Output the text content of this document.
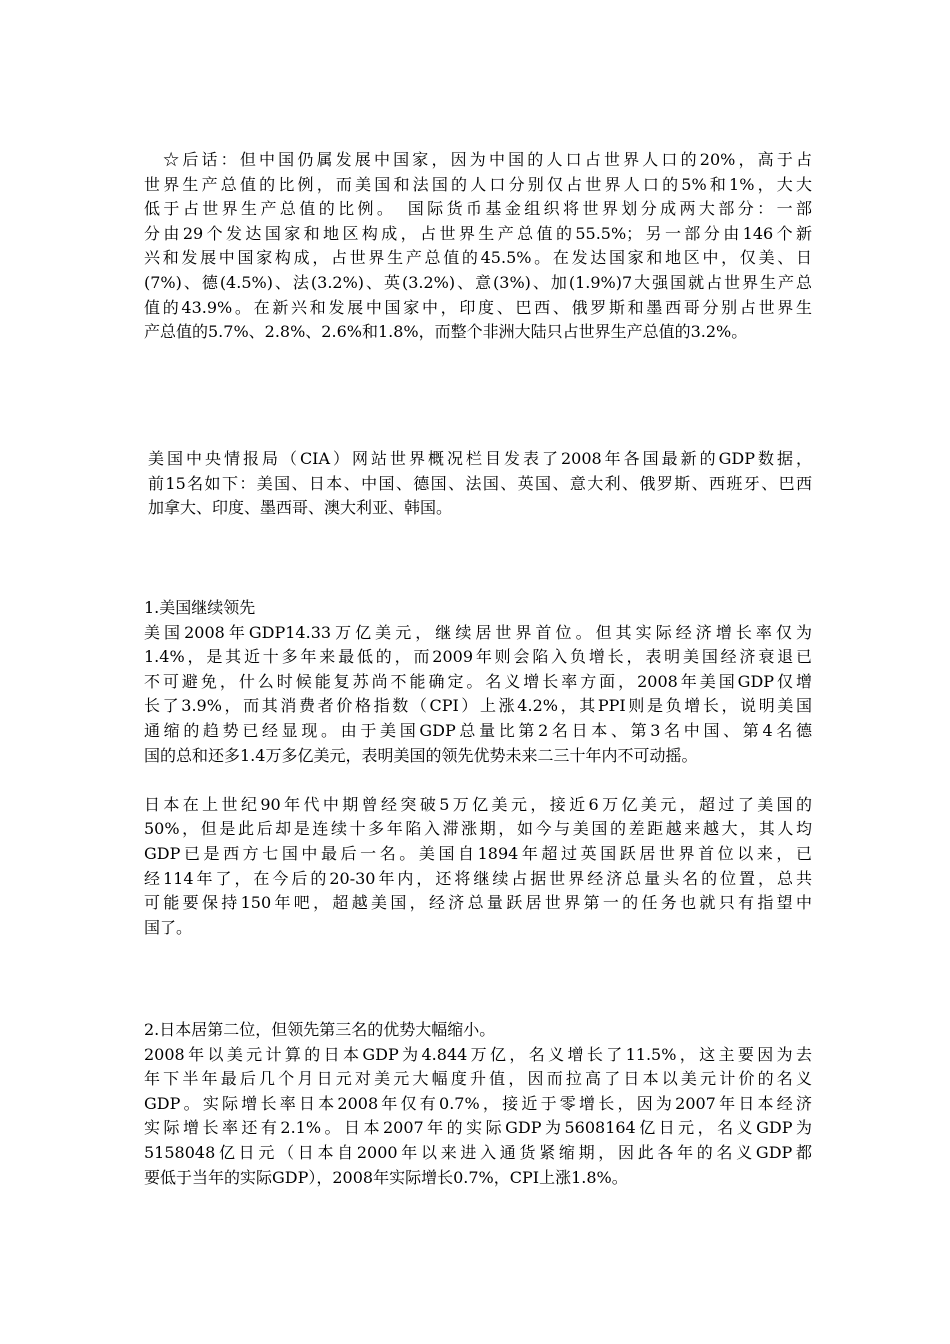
　☆后话：但中国仍属发展中国家，因为中国的人口占世界人口的20%，高于占
世界生产总值的比例，而美国和法国的人口分别仅占世界人口的5%和1%，大大
低于占世界生产总值的比例。　国际货币基金组织将世界划分成两大部分：一部
分由29个发达国家和地区构成，占世界生产总值的55.5%；另一部分由146个新
兴和发展中国家构成，占世界生产总值的45.5%。在发达国家和地区中，仅美、日
(7%)、德(4.5%)、法(3.2%)、英(3.2%)、意(3%)、加(1.9%)7大强国就占世界生产总
值的43.9%。在新兴和发展中国家中，印度、巴西、俄罗斯和墨西哥分别占世界生
产总值的5.7%、2.8%、2.6%和1.8%，而整个非洲大陆只占世界生产总值的3.2%。
美国中央情报局（CIA）网站世界概况栏目发表了2008年各国最新的GDP数据，
前15名如下：美国、日本、中国、德国、法国、英国、意大利、俄罗斯、西班牙、巴西
加拿大、印度、墨西哥、澳大利亚、韩国。
1.美国继续领先
美国2008年GDP14.33万亿美元，继续居世界首位。但其实际经济增长率仅为
1.4%，是其近十多年来最低的，而2009年则会陷入负增长，表明美国经济衰退已
不可避免，什么时候能复苏尚不能确定。名义增长率方面，2008年美国GDP仅增
长了3.9%，而其消费者价格指数（CPI）上涨4.2%，其PPI则是负增长，说明美国
通缩的趋势已经显现。由于美国GDP总量比第2名日本、第3名中国、第4名德
国的总和还多1.4万多亿美元，表明美国的领先优势未来二三十年内不可动摇。
日本在上世纪90年代中期曾经突破5万亿美元，接近6万亿美元，超过了美国的
50%，但是此后却是连续十多年陷入滞涨期，如今与美国的差距越来越大，其人均
GDP已是西方七国中最后一名。美国自1894年超过英国跃居世界首位以来，已
经114年了，在今后的20-30年内，还将继续占据世界经济总量头名的位置，总共
可能要保持150年吧，超越美国，经济总量跃居世界第一的任务也就只有指望中
国了。
2.日本居第二位，但领先第三名的优势大幅缩小。
2008年以美元计算的日本GDP为4.844万亿，名义增长了11.5%，这主要因为去
年下半年最后几个月日元对美元大幅度升值，因而拉高了日本以美元计价的名义
GDP。实际增长率日本2008年仅有0.7%，接近于零增长，因为2007年日本经济
实际增长率还有2.1%。日本2007年的实际GDP为5608164亿日元，名义GDP为
5158048亿日元（日本自2000年以来进入通货紧缩期，因此各年的名义GDP都
要低于当年的实际GDP），2008年实际增长0.7%，CPI上涨1.8%。
